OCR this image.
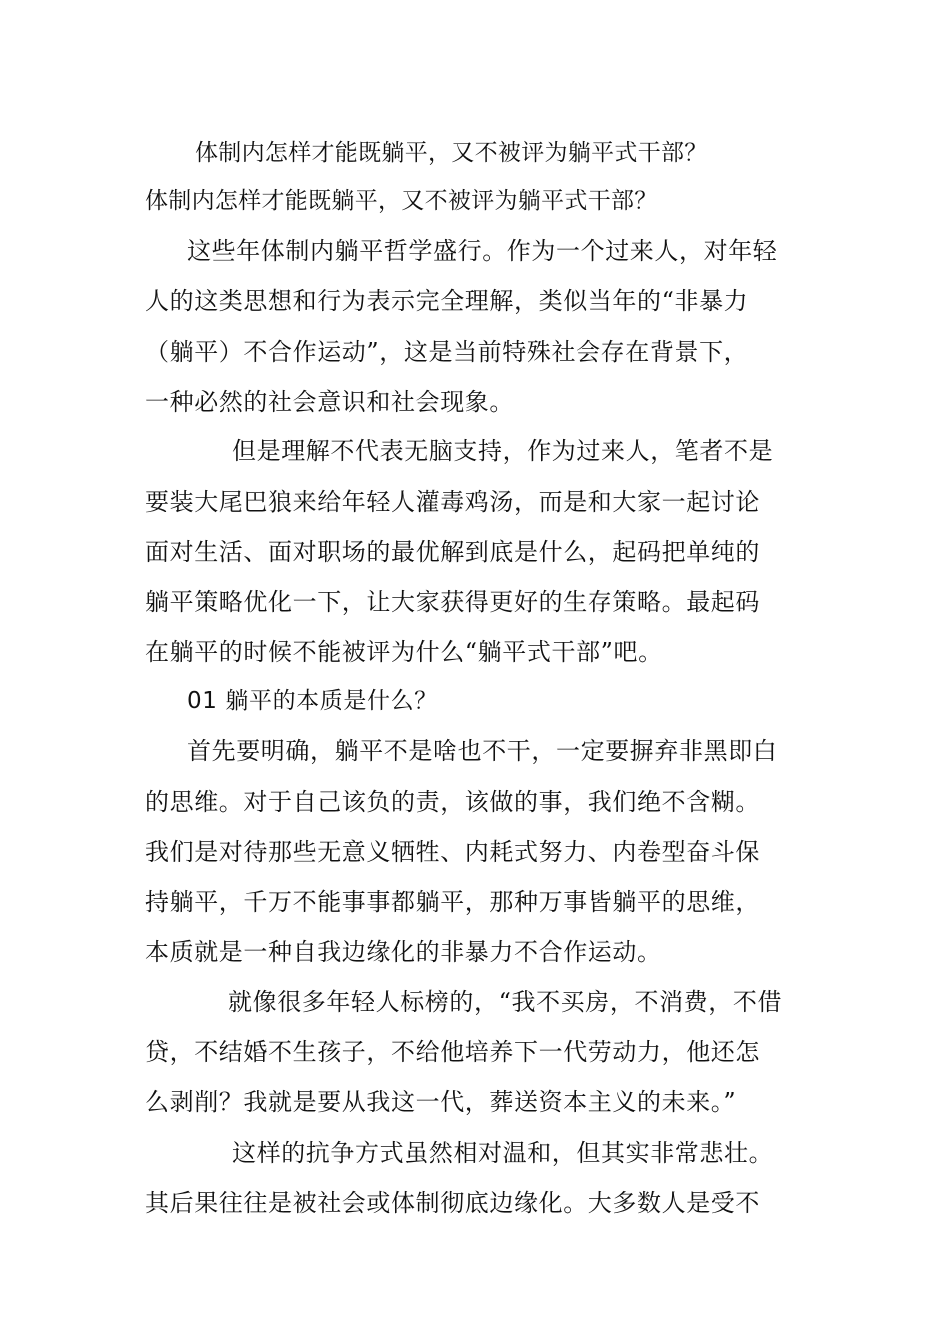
体制内怎样才能既躺平，又不被评为躺平式干部？
体制内怎样才能既躺平，又不被评为躺平式干部？
这些年体制内躺平哲学盛行。作为一个过来人，对年轻
人的这类思想和行为表示完全理解，类似当年的“非暴力
（躺平）不合作运动”，这是当前特殊社会存在背景下，
一种必然的社会意识和社会现象。
但是理解不代表无脑支持，作为过来人，笔者不是
要装大尾巴狼来给年轻人灌毒鸡汤，而是和大家一起讨论
面对生活、面对职场的最优解到底是什么，起码把单纯的
躺平策略优化一下，让大家获得更好的生存策略。最起码
在躺平的时候不能被评为什么“躺平式干部”吧。
01 躺平的本质是什么？
首先要明确，躺平不是啥也不干，一定要摒弃非黑即白
的思维。对于自己该负的责，该做的事，我们绝不含糊。
我们是对待那些无意义牺牲、内耗式努力、内卷型奋斗保
持躺平，千万不能事事都躺平，那种万事皆躺平的思维，
本质就是一种自我边缘化的非暴力不合作运动。
就像很多年轻人标榜的，“我不买房，不消费，不借
贷，不结婚不生孩子，不给他培养下一代劳动力，他还怎
么剥削？我就是要从我这一代，葬送资本主义的未来。”
这样的抗争方式虽然相对温和，但其实非常悲壮。
其后果往往是被社会或体制彻底边缘化。大多数人是受不
